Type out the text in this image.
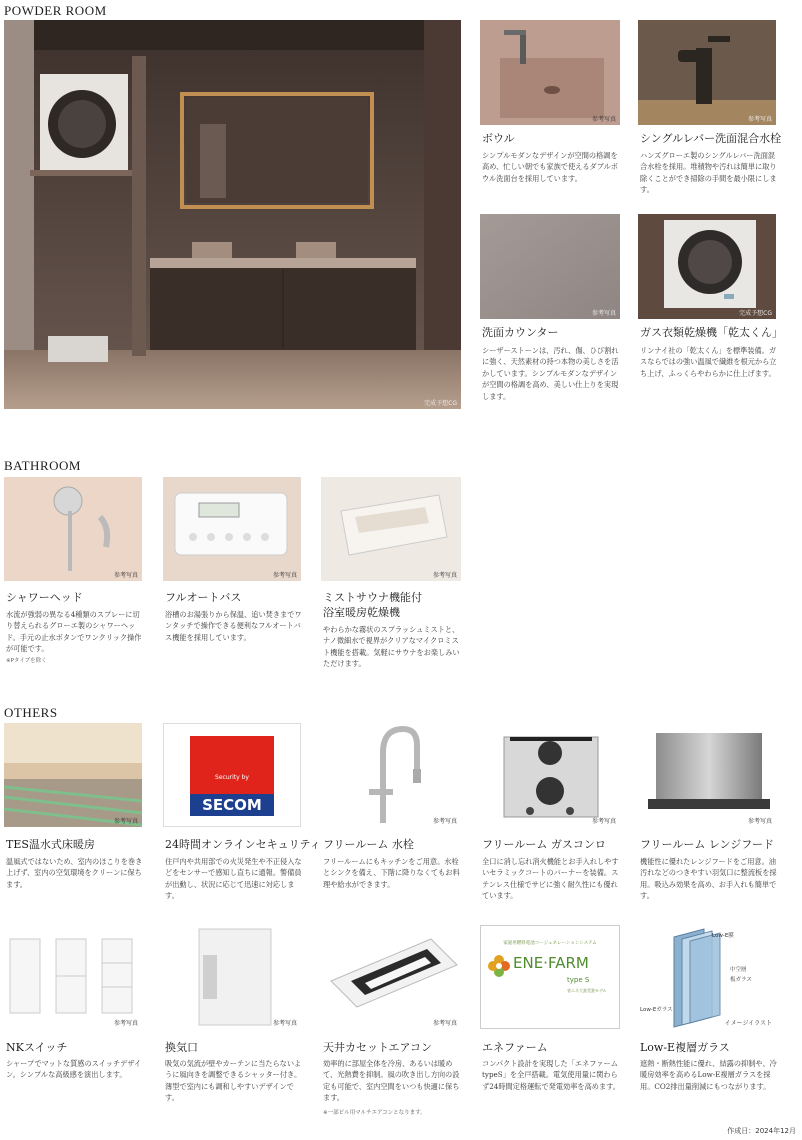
POWDER ROOM
完成予想CG
参考写真
ボウル
シンプルモダンなデザインが空間の格調を高め、忙しい朝でも家族で使えるダブルボウル洗面台を採用しています。
参考写真
シングルレバー洗面混合水栓
ハンズグローエ製のシングルレバー洗面混合水栓を採用。堆積物や汚れは簡単に取り除くことができ掃除の手間を最小限にします。
参考写真
洗面カウンター
シーザーストーンは、汚れ、傷、ひび割れに強く、天然素材の持つ本物の美しさを活かしています。シンプルモダンなデザインが空間の格調を高め、美しい仕上りを実現します。
完成予想CG
ガス衣類乾燥機「乾太くん」
リンナイ社の「乾太くん」を標準装備。ガスならではの強い温風で繊維を根元から立ち上げ、ふっくらやわらかに仕上げます。
BATHROOM
参考写真
シャワーヘッド
水流が強弱の異なる4種類のスプレーに切り替えられるグローエ製のシャワーヘッド。手元の止水ボタンでワンクリック操作が可能です。
※Pタイプを除く
参考写真
フルオートバス
浴槽のお湯張りから保温、追い焚きまでワンタッチで操作できる便利なフルオートバス機能を採用しています。
参考写真
ミストサウナ機能付
浴室暖房乾燥機
やわらかな霧状のスプラッシュミストと、ナノ微細水で視界がクリアなマイクロミスト機能を搭載。気軽にサウナをお楽しみいただけます。
OTHERS
参考写真
TES温水式床暖房
温風式ではないため、室内のほこりを巻き上げず、室内の空気環境をクリーンに保ちます。
Security by
SECOM
24時間オンラインセキュリティ
住戸内や共用部での火災発生や不正侵入などをセンサーで感知し直ちに通報。警備員が出動し、状況に応じて迅速に対応します。
参考写真
フリールーム 水栓
フリールームにもキッチンをご用意。水栓とシンクを備え、下階に降りなくてもお料理や給水ができます。
参考写真
フリールーム ガスコンロ
全口に消し忘れ消火機能とお手入れしやすいセラミックコートのバーナーを装備。ステンレス仕様でサビに強く耐久性にも優れています。
参考写真
フリールーム レンジフード
機能性に優れたレンジフードをご用意。油汚れなどのつきやすい羽気口に整流板を採用。吸込み効果を高め、お手入れも簡単です。
参考写真
NKスイッチ
シャープでマットな質感のスイッチデザイン。シンプルな高級感を演出します。
参考写真
換気口
吸気の気流が壁やカーテンに当たらないように風向きを調整できるシャッター付き。薄型で室内にも調和しやすいデザインです。
参考写真
天井カセットエアコン
効率的に部屋全体を冷房、あるいは暖めて、光熱費を抑制。風の吹き出し方向の設定も可能で、室内空間をいつも快適に保ちます。
※一部ピル用マルチエアコンとなります。
家庭用燃料電池コージェネレーションシステム
ENE·FARM
type S
省エネ大賞受賞モデル
エネファーム
コンパクト設計を実現した「エネファームtypeS」を全戸搭載。電気使用量に関わらず24時間定格運転で発電効率を高めます。
Low-E膜
中空層
板ガラス
Low-Eガラス
イメージイラスト
Low-E複層ガラス
遮熱・断熱性能に優れ、結露の抑制や、冷暖房効率を高めるLow-E複層ガラスを採用。CO2排出量削減にもつながります。
作成日：2024年12月
